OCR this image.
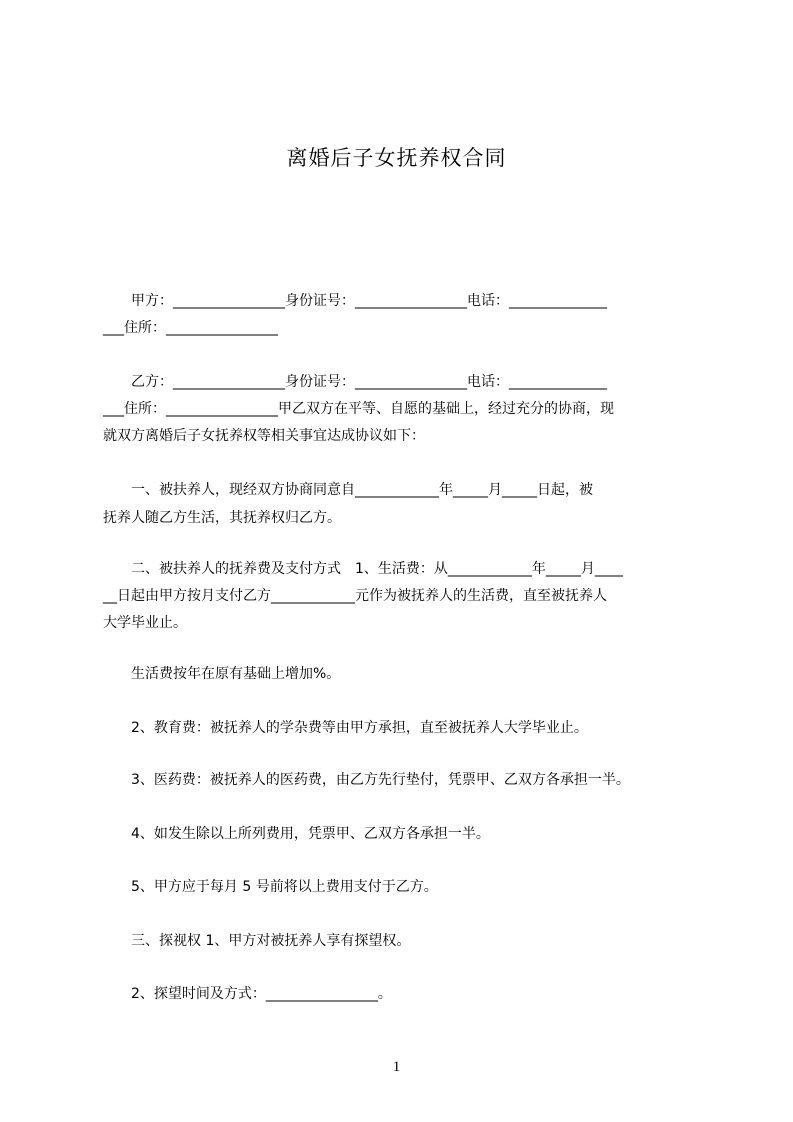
离婚后子女抚养权合同
　　甲方：________________身份证号：________________电话：______________
___住所：________________
　　乙方：________________身份证号：________________电话：______________
___住所：________________甲乙双方在平等、自愿的基础上，经过充分的协商，现
就双方离婚后子女抚养权等相关事宜达成协议如下：
　　一、被扶养人，现经双方协商同意自____________年_____月_____日起，被
抚养人随乙方生活，其抚养权归乙方。
　　二、被扶养人的抚养费及支付方式　1、生活费：从____________年_____月____
__日起由甲方按月支付乙方____________元作为被抚养人的生活费，直至被抚养人
大学毕业止。
　　生活费按年在原有基础上增加%。
　　2、教育费：被抚养人的学杂费等由甲方承担，直至被抚养人大学毕业止。
　　3、医药费：被抚养人的医药费，由乙方先行垫付，凭票甲、乙双方各承担一半。
　　4、如发生除以上所列费用，凭票甲、乙双方各承担一半。
　　5、甲方应于每月 5 号前将以上费用支付于乙方。
　　三、探视权 1、甲方对被抚养人享有探望权。
　　2、探望时间及方式：________________。
1
